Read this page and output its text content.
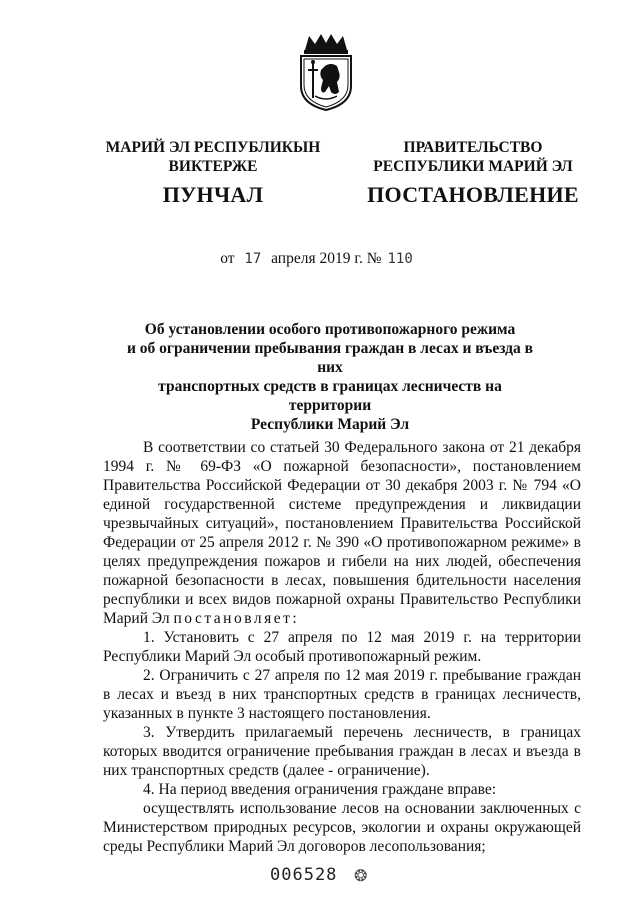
МАРИЙ ЭЛ РЕСПУБЛИКЫН
ВИКТЕРЖЕ
ПУНЧАЛ
ПРАВИТЕЛЬСТВО
РЕСПУБЛИКИ МАРИЙ ЭЛ
ПОСТАНОВЛЕНИЕ
от 17 апреля 2019 г. № 110
Об установлении особого противопожарного режима
и об ограничении пребывания граждан в лесах и въезда в них
транспортных средств в границах лесничеств на территории
Республики Марий Эл

В соответствии со статьей 30 Федерального закона от 21 декабря 1994 г. № 69-ФЗ «О пожарной безопасности», постановлением Правительства Российской Федерации от 30 декабря 2003 г. № 794 «О единой государственной системе предупреждения и ликвидации чрезвычайных ситуаций», постановлением Правительства Российской Федерации от 25 апреля 2012 г. № 390 «О противопожарном режиме» в целях предупреждения пожаров и гибели на них людей, обеспечения пожарной безопасности в лесах, повышения бдительности населения республики и всех видов пожарной охраны Правительство Республики Марий Эл постановляет:

1. Установить с 27 апреля по 12 мая 2019 г. на территории Республики Марий Эл особый противопожарный режим.

2. Ограничить с 27 апреля по 12 мая 2019 г. пребывание граждан в лесах и въезд в них транспортных средств в границах лесничеств, указанных в пункте 3 настоящего постановления.

3. Утвердить прилагаемый перечень лесничеств, в границах которых вводится ограничение пребывания граждан в лесах и въезда в них транспортных средств (далее - ограничение).

4. На период введения ограничения граждане вправе:

осуществлять использование лесов на основании заключенных с Министерством природных ресурсов, экологии и охраны окружающей среды Республики Марий Эл договоров лесопользования;

006528 ❂
